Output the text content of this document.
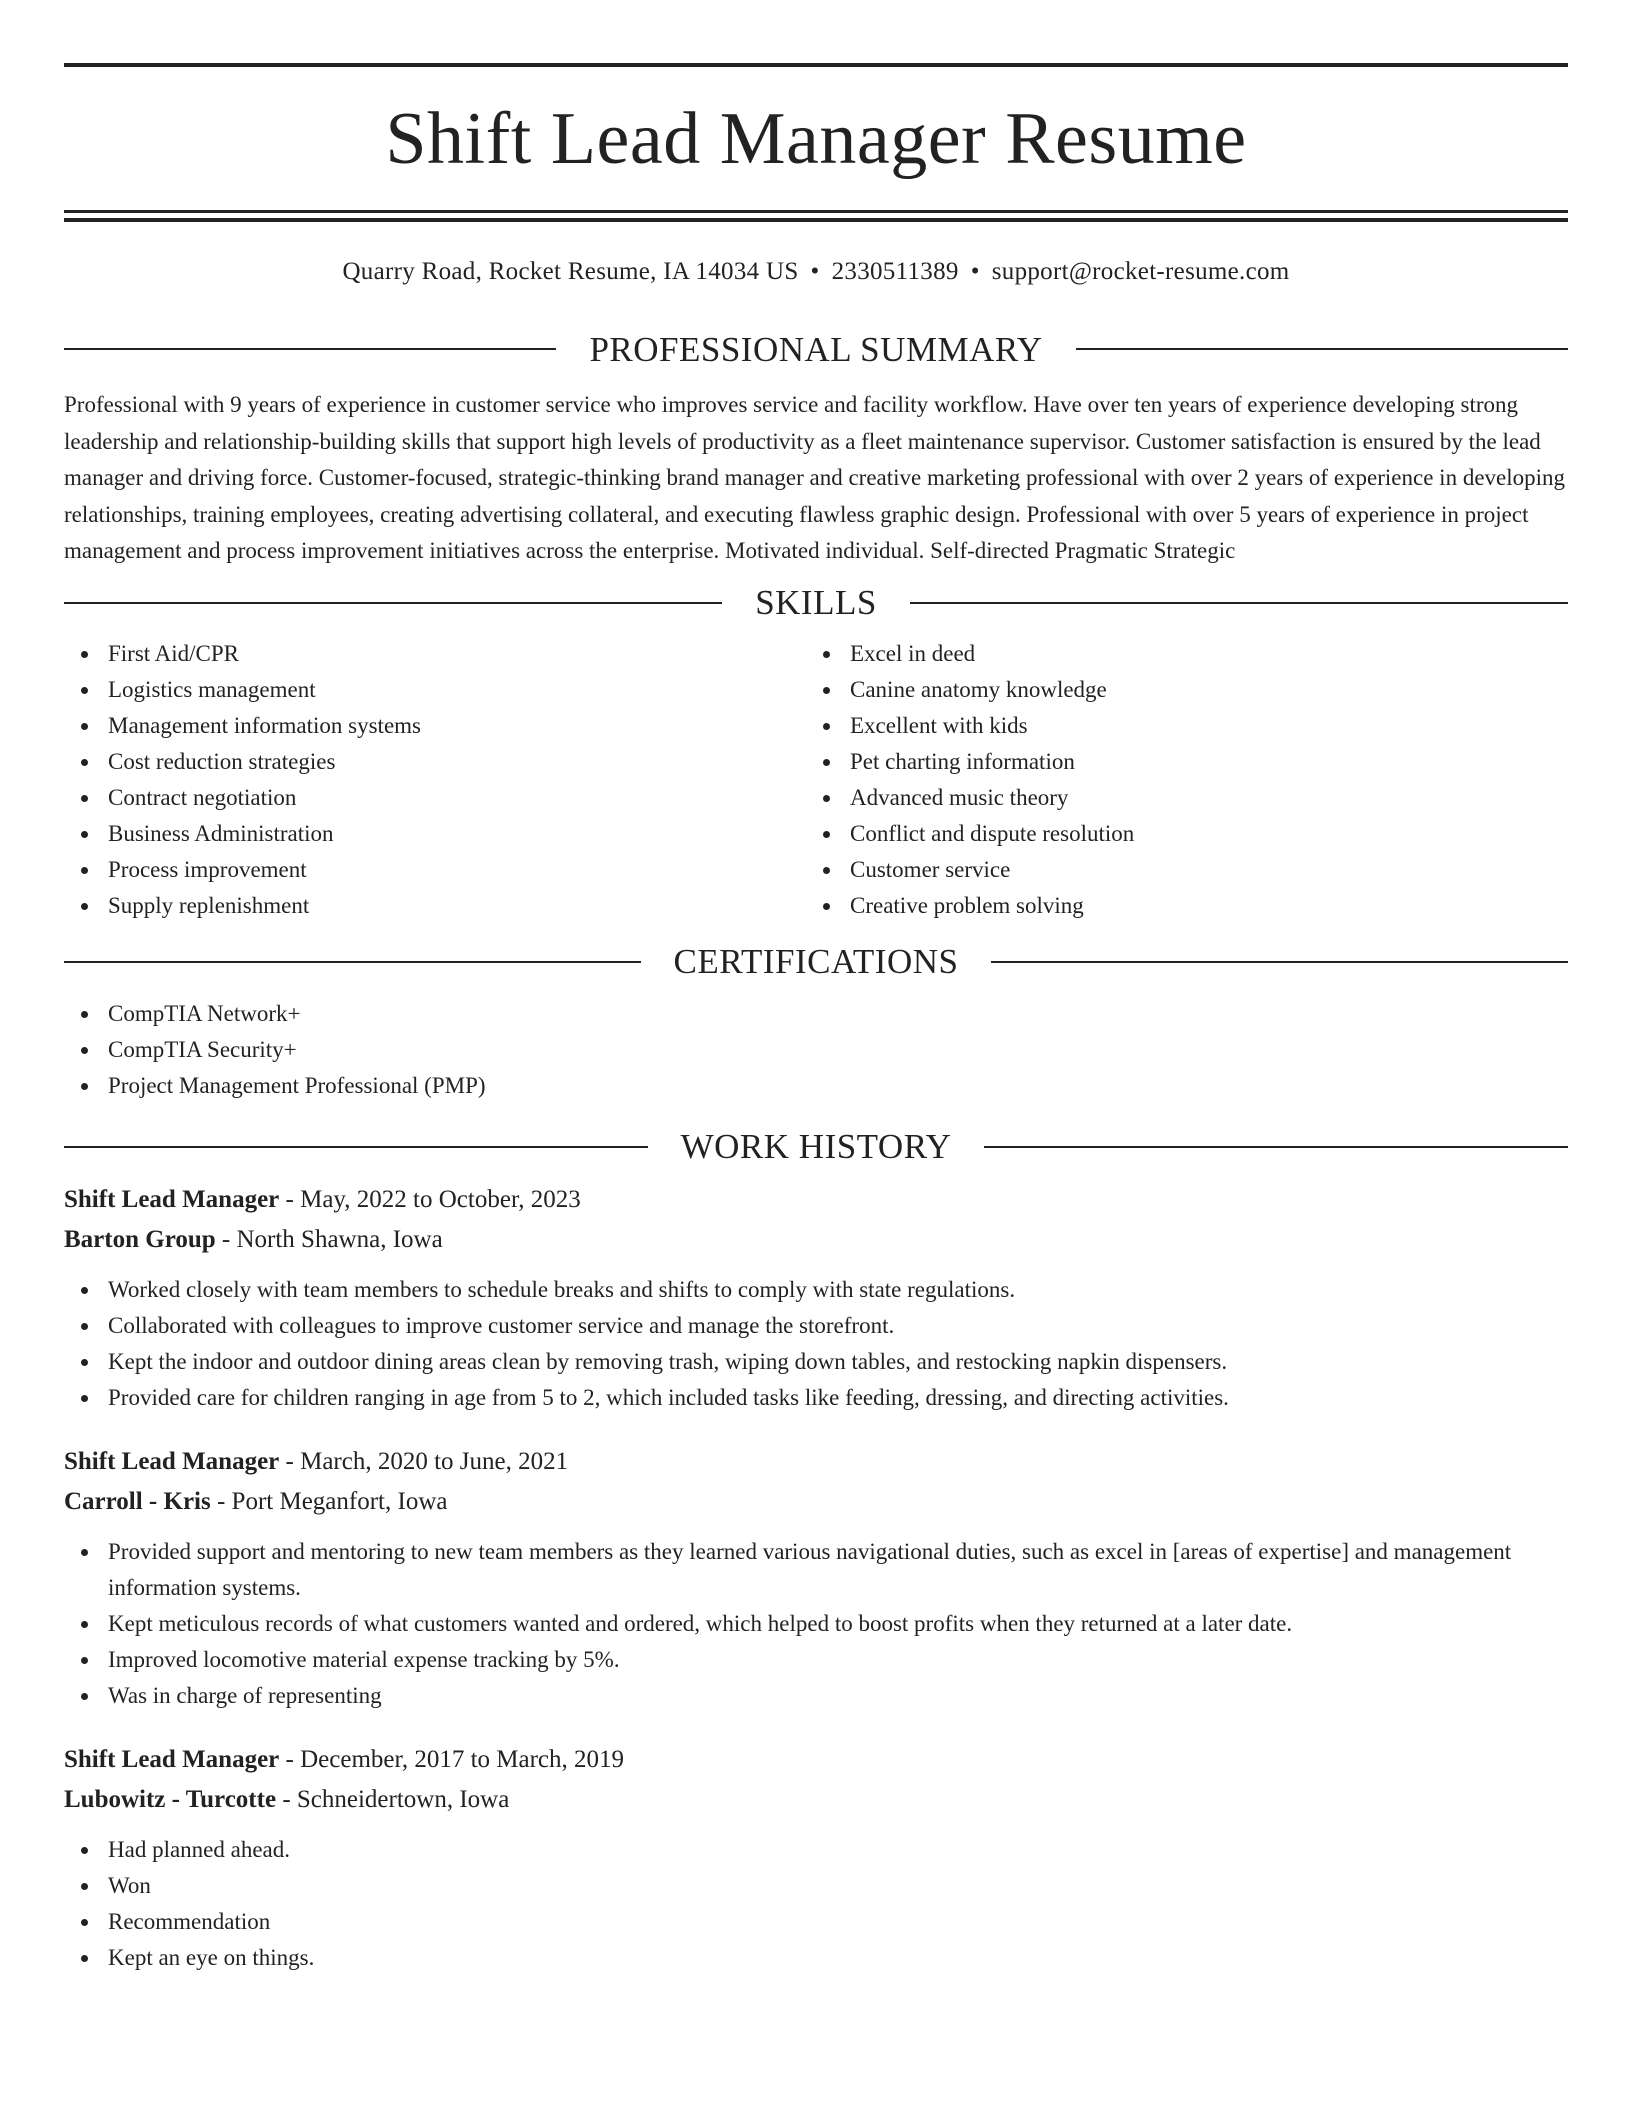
Shift Lead Manager Resume
Quarry Road, Rocket Resume, IA 14034 US • 2330511389 • support@rocket-resume.com
PROFESSIONAL SUMMARY

Professional with 9 years of experience in customer service who improves service and facility workflow. Have over ten years of experience developing strong leadership and relationship-building skills that support high levels of productivity as a fleet maintenance supervisor. Customer satisfaction is ensured by the lead manager and driving force. Customer-focused, strategic-thinking brand manager and creative marketing professional with over 2 years of experience in developing relationships, training employees, creating advertising collateral, and executing flawless graphic design. Professional with over 5 years of experience in project management and process improvement initiatives across the enterprise. Motivated individual. Self-directed Pragmatic Strategic

SKILLS
First Aid/CPR
Logistics management
Management information systems
Cost reduction strategies
Contract negotiation
Business Administration
Process improvement
Supply replenishment
Excel in deed
Canine anatomy knowledge
Excellent with kids
Pet charting information
Advanced music theory
Conflict and dispute resolution
Customer service
Creative problem solving
CERTIFICATIONS
CompTIA Network+
CompTIA Security+
Project Management Professional (PMP)
WORK HISTORY
Shift Lead Manager - May, 2022 to October, 2023
Barton Group - North Shawna, Iowa
Worked closely with team members to schedule breaks and shifts to comply with state regulations.
Collaborated with colleagues to improve customer service and manage the storefront.
Kept the indoor and outdoor dining areas clean by removing trash, wiping down tables, and restocking napkin dispensers.
Provided care for children ranging in age from 5 to 2, which included tasks like feeding, dressing, and directing activities.
Shift Lead Manager - March, 2020 to June, 2021
Carroll - Kris - Port Meganfort, Iowa
Provided support and mentoring to new team members as they learned various navigational duties, such as excel in [areas of expertise] and management information systems.
Kept meticulous records of what customers wanted and ordered, which helped to boost profits when they returned at a later date.
Improved locomotive material expense tracking by 5%.
Was in charge of representing
Shift Lead Manager - December, 2017 to March, 2019
Lubowitz - Turcotte - Schneidertown, Iowa
Had planned ahead.
Won
Recommendation
Kept an eye on things.
